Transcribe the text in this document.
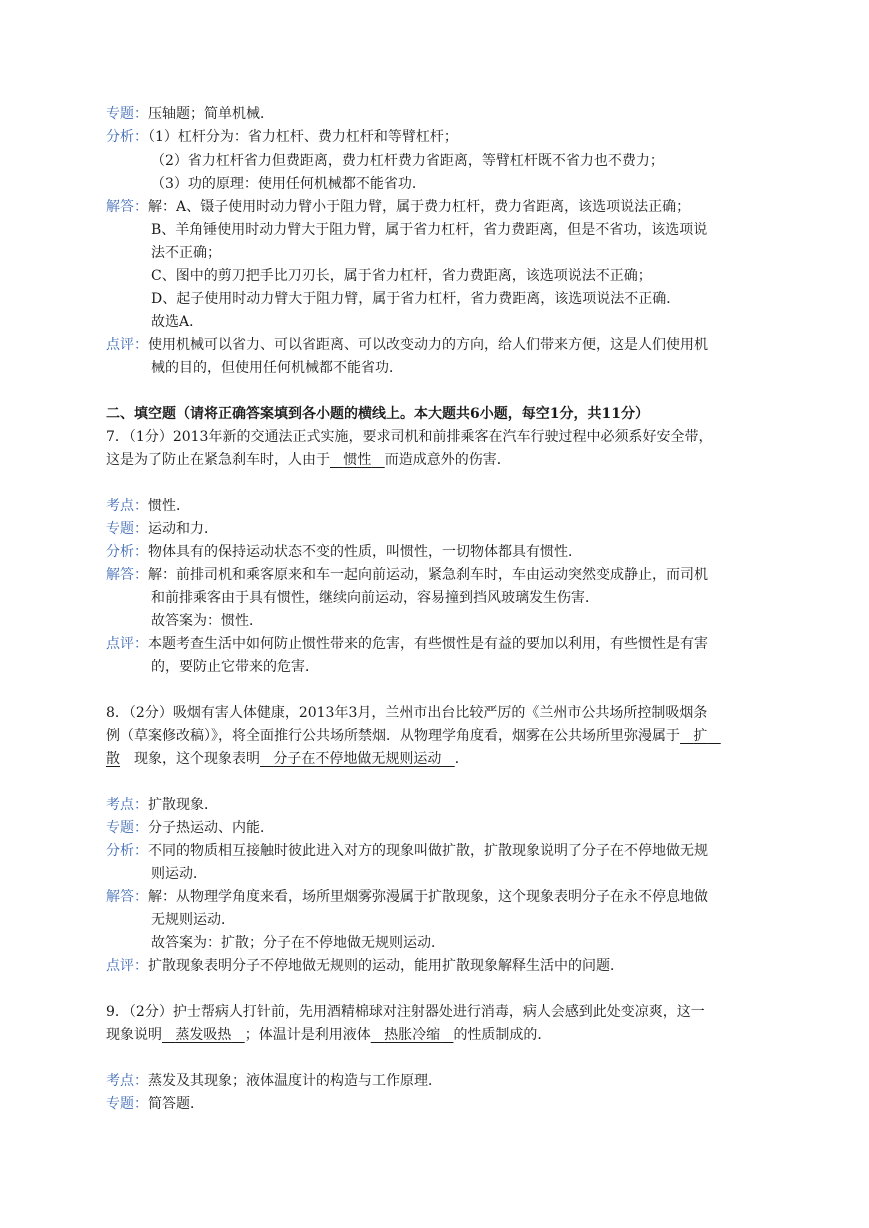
专题：压轴题；简单机械．
分析：（1）杠杆分为：省力杠杆、费力杠杆和等臂杠杆；
（2）省力杠杆省力但费距离，费力杠杆费力省距离，等臂杠杆既不省力也不费力；
（3）功的原理：使用任何机械都不能省功．
解答：解：A、镊子使用时动力臂小于阻力臂，属于费力杠杆，费力省距离，该选项说法正确；
B、羊角锤使用时动力臂大于阻力臂，属于省力杠杆，省力费距离，但是不省功，该选项说
法不正确；
C、图中的剪刀把手比刀刃长，属于省力杠杆，省力费距离，该选项说法不正确；
D、起子使用时动力臂大于阻力臂，属于省力杠杆，省力费距离，该选项说法不正确．
故选A．
点评：使用机械可以省力、可以省距离、可以改变动力的方向，给人们带来方便，这是人们使用机
械的目的，但使用任何机械都不能省功．
二、填空题（请将正确答案填到各小题的横线上。本大题共6小题，每空1分，共11分）
7．（1分）2013年新的交通法正式实施，要求司机和前排乘客在汽车行驶过程中必须系好安全带，
这是为了防止在紧急刹车时，人由于 惯性 而造成意外的伤害．
考点：惯性．
专题：运动和力．
分析：物体具有的保持运动状态不变的性质，叫惯性，一切物体都具有惯性．
解答：解：前排司机和乘客原来和车一起向前运动，紧急刹车时，车由运动突然变成静止，而司机
和前排乘客由于具有惯性，继续向前运动，容易撞到挡风玻璃发生伤害．
故答案为：惯性．
点评：本题考查生活中如何防止惯性带来的危害，有些惯性是有益的要加以利用，有些惯性是有害
的，要防止它带来的危害．
8．（2分）吸烟有害人体健康，2013年3月，兰州市出台比较严厉的《兰州市公共场所控制吸烟条
例（草案修改稿）》，将全面推行公共场所禁烟．从物理学角度看，烟雾在公共场所里弥漫属于 扩
散 现象，这个现象表明 分子在不停地做无规则运动 ．
考点：扩散现象．
专题：分子热运动、内能．
分析：不同的物质相互接触时彼此进入对方的现象叫做扩散，扩散现象说明了分子在不停地做无规
则运动．
解答：解：从物理学角度来看，场所里烟雾弥漫属于扩散现象，这个现象表明分子在永不停息地做
无规则运动．
故答案为：扩散；分子在不停地做无规则运动．
点评：扩散现象表明分子不停地做无规则的运动，能用扩散现象解释生活中的问题．
9．（2分）护士帮病人打针前，先用酒精棉球对注射器处进行消毒，病人会感到此处变凉爽，这一
现象说明 蒸发吸热 ；体温计是利用液体 热胀冷缩 的性质制成的．
考点：蒸发及其现象；液体温度计的构造与工作原理．
专题：简答题．
